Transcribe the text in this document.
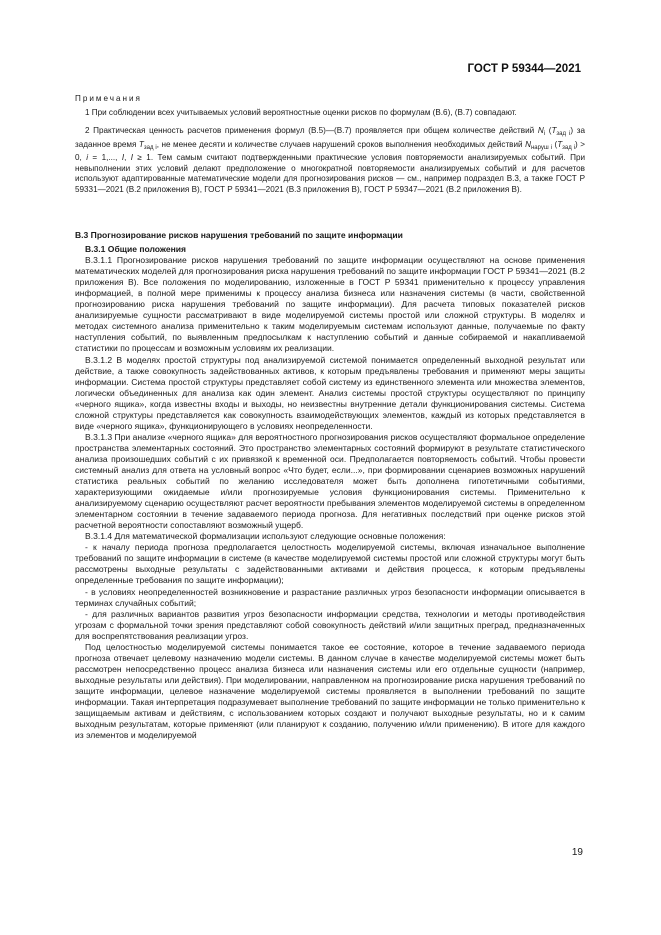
ГОСТ Р 59344—2021

Примечания

1 При соблюдении всех учитываемых условий вероятностные оценки рисков по формулам (В.6), (В.7) совпадают.

2 Практическая ценность расчетов применения формул (В.5)—(В.7) проявляется при общем количестве действий $N_i$ $(T_{зад i})$ за заданное время $T_{зад i}$, не менее десяти и количестве случаев нарушений сроков выполнения необходимых действий $N_{наруш i}$ $(T_{зад i}) > 0$, i = 1,..., I, I ≥ 1. Тем самым считают подтвержденными практические условия повторяемости анализируемых событий. При невыполнении этих условий делают предположение о многократной повторяемости анализируемых событий и для расчетов используют адаптированные математические модели для прогнозирования рисков — см., например подраздел В.3, а также ГОСТ Р 59331—2021 (В.2 приложения В), ГОСТ Р 59341—2021 (В.3 приложения В), ГОСТ Р 59347—2021 (В.2 приложения В).

В.3 Прогнозирование рисков нарушения требований по защите информации

В.3.1 Общие положения

В.3.1.1 Прогнозирование рисков нарушения требований по защите информации осуществляют на основе применения математических моделей для прогнозирования риска нарушения требований по защите информации ГОСТ Р 59341—2021 (В.2 приложения В). Все положения по моделированию, изложенные в ГОСТ Р 59341 применительно к процессу управления информацией, в полной мере применимы к процессу анализа бизнеса или назначения системы (в части, свойственной прогнозированию риска нарушения требований по защите информации). Для расчета типовых показателей рисков анализируемые сущности рассматривают в виде моделируемой системы простой или сложной структуры. В моделях и методах системного анализа применительно к таким моделируемым системам используют данные, получаемые по факту наступления событий, по выявленным предпосылкам к наступлению событий и данные собираемой и накапливаемой статистики по процессам и возможным условиям их реализации.

В.3.1.2 В моделях простой структуры под анализируемой системой понимается определенный выходной результат или действие, а также совокупность задействованных активов, к которым предъявлены требования и применяют меры защиты информации. Система простой структуры представляет собой систему из единственного элемента или множества элементов, логически объединенных для анализа как один элемент. Анализ системы простой структуры осуществляют по принципу «черного ящика», когда известны входы и выходы, но неизвестны внутренние детали функционирования системы. Система сложной структуры представляется как совокупность взаимодействующих элементов, каждый из которых представляется в виде «черного ящика», функционирующего в условиях неопределенности.

В.3.1.3 При анализе «черного ящика» для вероятностного прогнозирования рисков осуществляют формальное определение пространства элементарных состояний. Это пространство элементарных состояний формируют в результате статистического анализа произошедших событий с их привязкой к временной оси. Предполагается повторяемость событий. Чтобы провести системный анализ для ответа на условный вопрос «Что будет, если...», при формировании сценариев возможных нарушений статистика реальных событий по желанию исследователя может быть дополнена гипотетичными событиями, характеризующими ожидаемые и/или прогнозируемые условия функционирования системы. Применительно к анализируемому сценарию осуществляют расчет вероятности пребывания элементов моделируемой системы в определенном элементарном состоянии в течение задаваемого периода прогноза. Для негативных последствий при оценке рисков этой расчетной вероятности сопоставляют возможный ущерб.

В.3.1.4 Для математической формализации используют следующие основные положения:

- к началу периода прогноза предполагается целостность моделируемой системы, включая изначальное выполнение требований по защите информации в системе (в качестве моделируемой системы простой или сложной структуры могут быть рассмотрены выходные результаты с задействованными активами и действия процесса, к которым предъявлены определенные требования по защите информации);

- в условиях неопределенностей возникновение и разрастание различных угроз безопасности информации описывается в терминах случайных событий;

- для различных вариантов развития угроз безопасности информации средства, технологии и методы противодействия угрозам с формальной точки зрения представляют собой совокупность действий и/или защитных преград, предназначенных для воспрепятствования реализации угроз.

Под целостностью моделируемой системы понимается такое ее состояние, которое в течение задаваемого периода прогноза отвечает целевому назначению модели системы. В данном случае в качестве моделируемой системы может быть рассмотрен непосредственно процесс анализа бизнеса или назначения системы или его отдельные сущности (например, выходные результаты или действия). При моделировании, направленном на прогнозирование риска нарушения требований по защите информации, целевое назначение моделируемой системы проявляется в выполнении требований по защите информации. Такая интерпретация подразумевает выполнение требований по защите информации не только применительно к защищаемым активам и действиям, с использованием которых создают и получают выходные результаты, но и к самим выходным результатам, которые применяют (или планируют к созданию, получению и/или применению). В итоге для каждого из элементов и моделируемой

19
